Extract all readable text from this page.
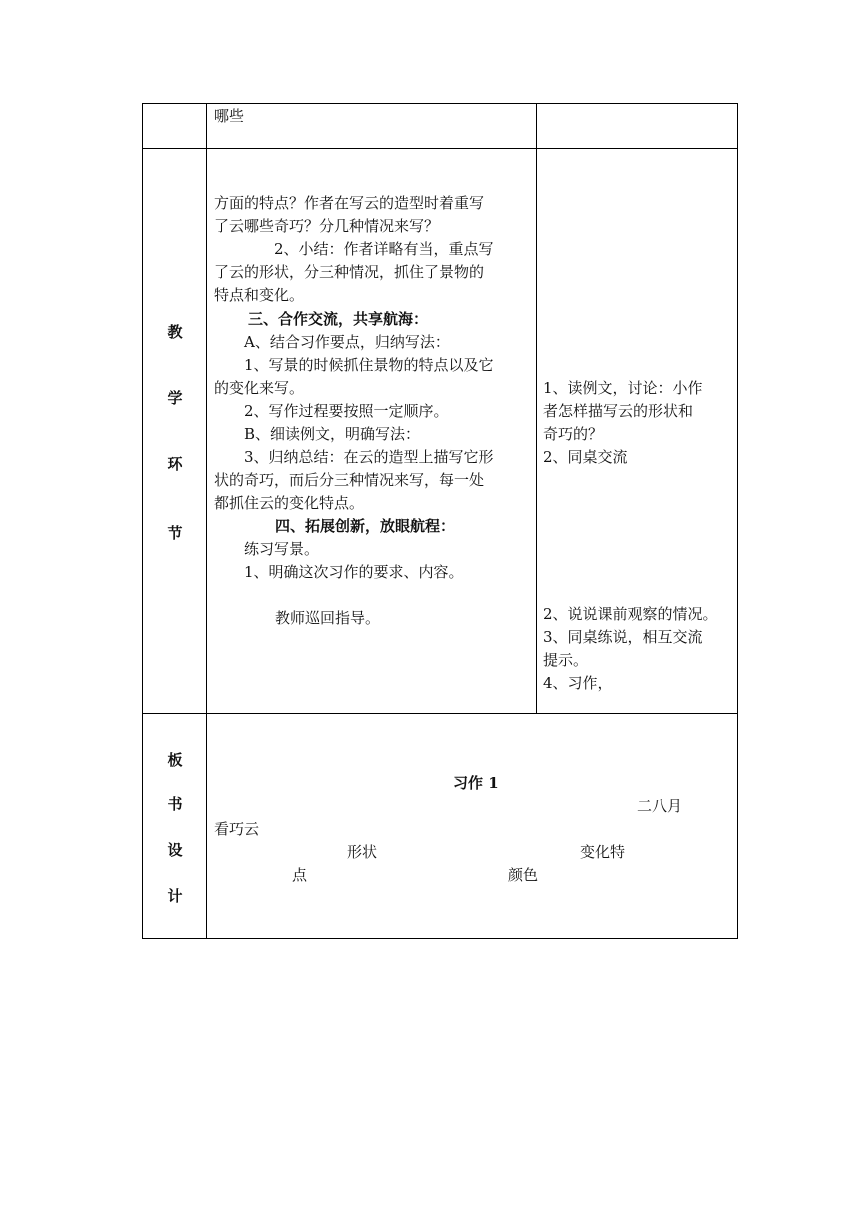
哪些
教
学
环
节
方面的特点？作者在写云的造型时着重写
了云哪些奇巧？分几种情况来写？
2、小结：作者详略有当，重点写
了云的形状，分三种情况，抓住了景物的
特点和变化。
三、合作交流，共享航海：
A、结合习作要点，归纳写法：
1、写景的时候抓住景物的特点以及它
的变化来写。
2、写作过程要按照一定顺序。
B、细读例文，明确写法：
3、归纳总结：在云的造型上描写它形
状的奇巧，而后分三种情况来写，每一处
都抓住云的变化特点。
四、拓展创新，放眼航程：
练习写景。
1、明确这次习作的要求、内容。
教师巡回指导。
1、读例文，讨论：小作
者怎样描写云的形状和
奇巧的？
2、同桌交流
2、说说课前观察的情况。
3、同桌练说，相互交流
提示。
4、习作，
板
书
设
计
习作 1
二八月
看巧云
形状	变化特
点	颜色
